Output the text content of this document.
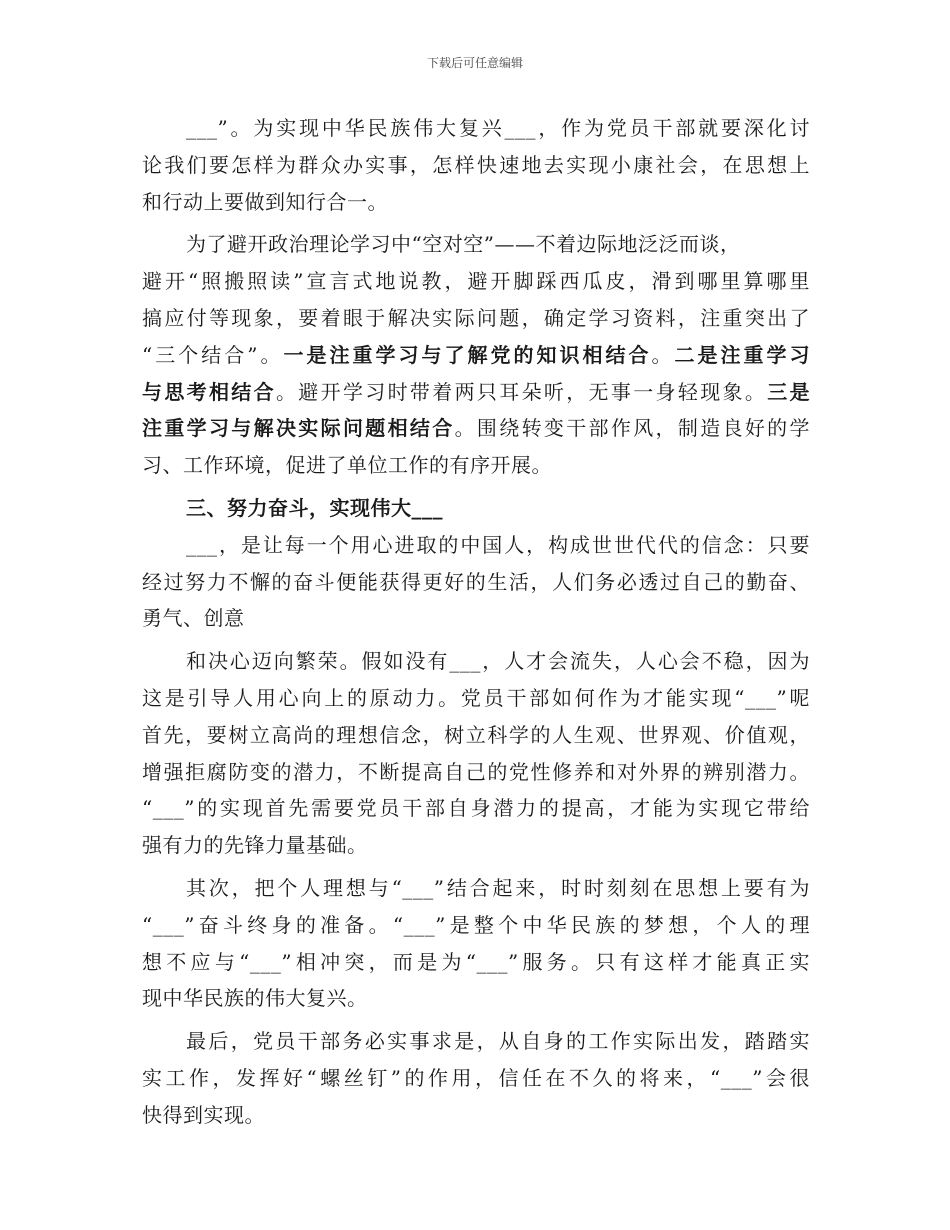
下载后可任意编辑
___”。为实现中华民族伟大复兴___，作为党员干部就要深化讨
论我们要怎样为群众办实事，怎样快速地去实现小康社会，在思想上
和行动上要做到知行合一。
为了避开政治理论学习中“空对空”——不着边际地泛泛而谈，
避开“照搬照读”宣言式地说教，避开脚踩西瓜皮，滑到哪里算哪里
搞应付等现象，要着眼于解决实际问题，确定学习资料，注重突出了
“三个结合”。一是注重学习与了解党的知识相结合。二是注重学习
与思考相结合。避开学习时带着两只耳朵听，无事一身轻现象。三是
注重学习与解决实际问题相结合。围绕转变干部作风，制造良好的学
习、工作环境，促进了单位工作的有序开展。
三、努力奋斗，实现伟大___
___，是让每一个用心进取的中国人，构成世世代代的信念：只要
经过努力不懈的奋斗便能获得更好的生活，人们务必透过自己的勤奋、
勇气、创意
和决心迈向繁荣。假如没有___，人才会流失，人心会不稳，因为
这是引导人用心向上的原动力。党员干部如何作为才能实现“___”呢
首先，要树立高尚的理想信念，树立科学的人生观、世界观、价值观，
增强拒腐防变的潜力，不断提高自己的党性修养和对外界的辨别潜力。
“___”的实现首先需要党员干部自身潜力的提高，才能为实现它带给
强有力的先锋力量基础。
其次，把个人理想与“___”结合起来，时时刻刻在思想上要有为
“___”奋斗终身的准备。“___”是整个中华民族的梦想，个人的理
想不应与“___”相冲突，而是为“___”服务。只有这样才能真正实
现中华民族的伟大复兴。
最后，党员干部务必实事求是，从自身的工作实际出发，踏踏实
实工作，发挥好“螺丝钉”的作用，信任在不久的将来，“___”会很
快得到实现。
